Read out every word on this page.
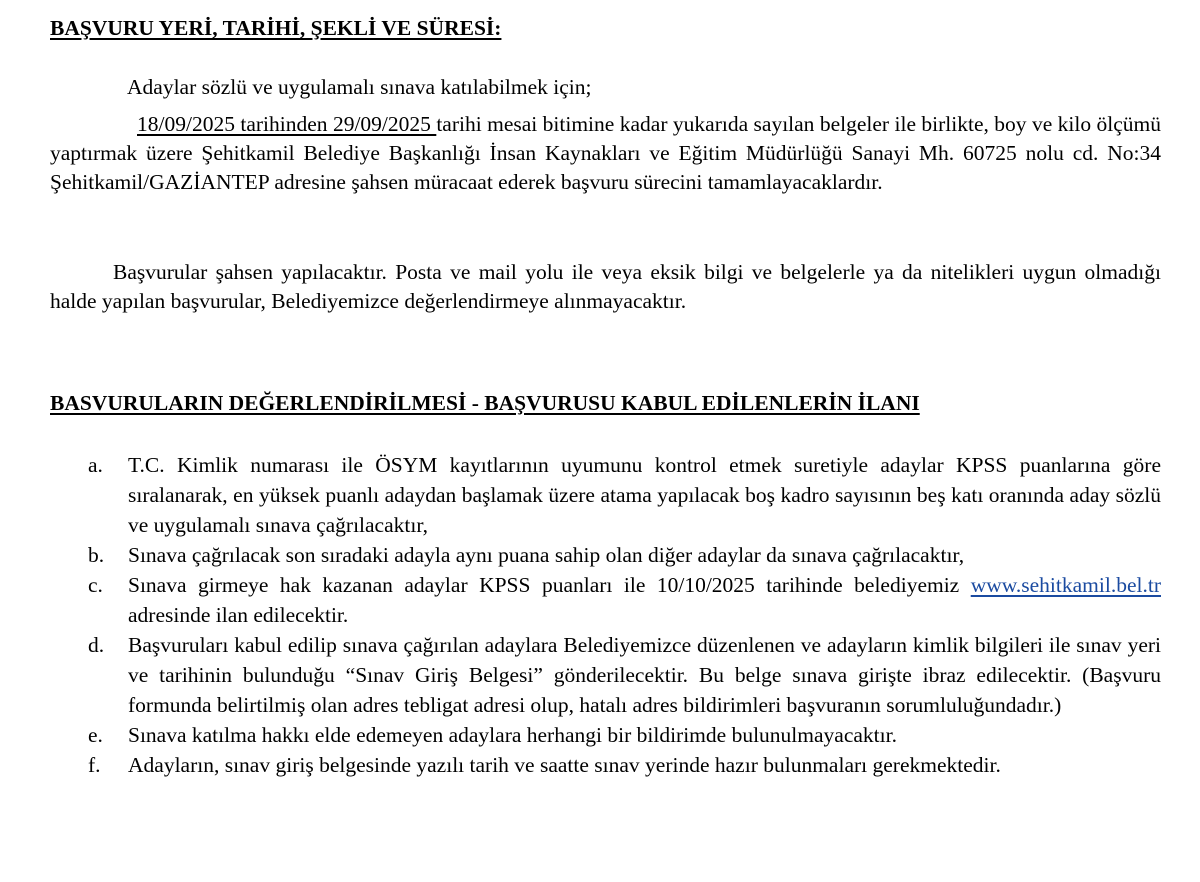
BAŞVURU YERİ, TARİHİ, ŞEKLİ VE SÜRESİ:

Adaylar sözlü ve uygulamalı sınava katılabilmek için;

18/09/2025 tarihinden 29/09/2025 tarihi mesai bitimine kadar yukarıda sayılan belgeler ile birlikte, boy ve kilo ölçümü yaptırmak üzere Şehitkamil Belediye Başkanlığı İnsan Kaynakları ve Eğitim Müdürlüğü Sanayi Mh. 60725 nolu cd. No:34 Şehitkamil/GAZİANTEP adresine şahsen müracaat ederek başvuru sürecini tamamlayacaklardır.

Başvurular şahsen yapılacaktır. Posta ve mail yolu ile veya eksik bilgi ve belgelerle ya da nitelikleri uygun olmadığı halde yapılan başvurular, Belediyemizce değerlendirmeye alınmayacaktır.

BASVURULARIN DEĞERLENDİRİLMESİ - BAŞVURUSU KABUL EDİLENLERİN İLANI
a.	T.C. Kimlik numarası ile ÖSYM kayıtlarının uyumunu kontrol etmek suretiyle adaylar KPSS puanlarına göre sıralanarak, en yüksek puanlı adaydan başlamak üzere atama yapılacak boş kadro sayısının beş katı oranında aday sözlü ve uygulamalı sınava çağrılacaktır,
b.	Sınava çağrılacak son sıradaki adayla aynı puana sahip olan diğer adaylar da sınava çağrılacaktır,
c.	Sınava girmeye hak kazanan adaylar KPSS puanları ile 10/10/2025 tarihinde belediyemiz www.sehitkamil.bel.tr adresinde ilan edilecektir.
d.	Başvuruları kabul edilip sınava çağırılan adaylara Belediyemizce düzenlenen ve adayların kimlik bilgileri ile sınav yeri ve tarihinin bulunduğu “Sınav Giriş Belgesi” gönderilecektir. Bu belge sınava girişte ibraz edilecektir. (Başvuru formunda belirtilmiş olan adres tebligat adresi olup, hatalı adres bildirimleri başvuranın sorumluluğundadır.)
e.	Sınava katılma hakkı elde edemeyen adaylara herhangi bir bildirimde bulunulmayacaktır.
f.	Adayların, sınav giriş belgesinde yazılı tarih ve saatte sınav yerinde hazır bulunmaları gerekmektedir.
